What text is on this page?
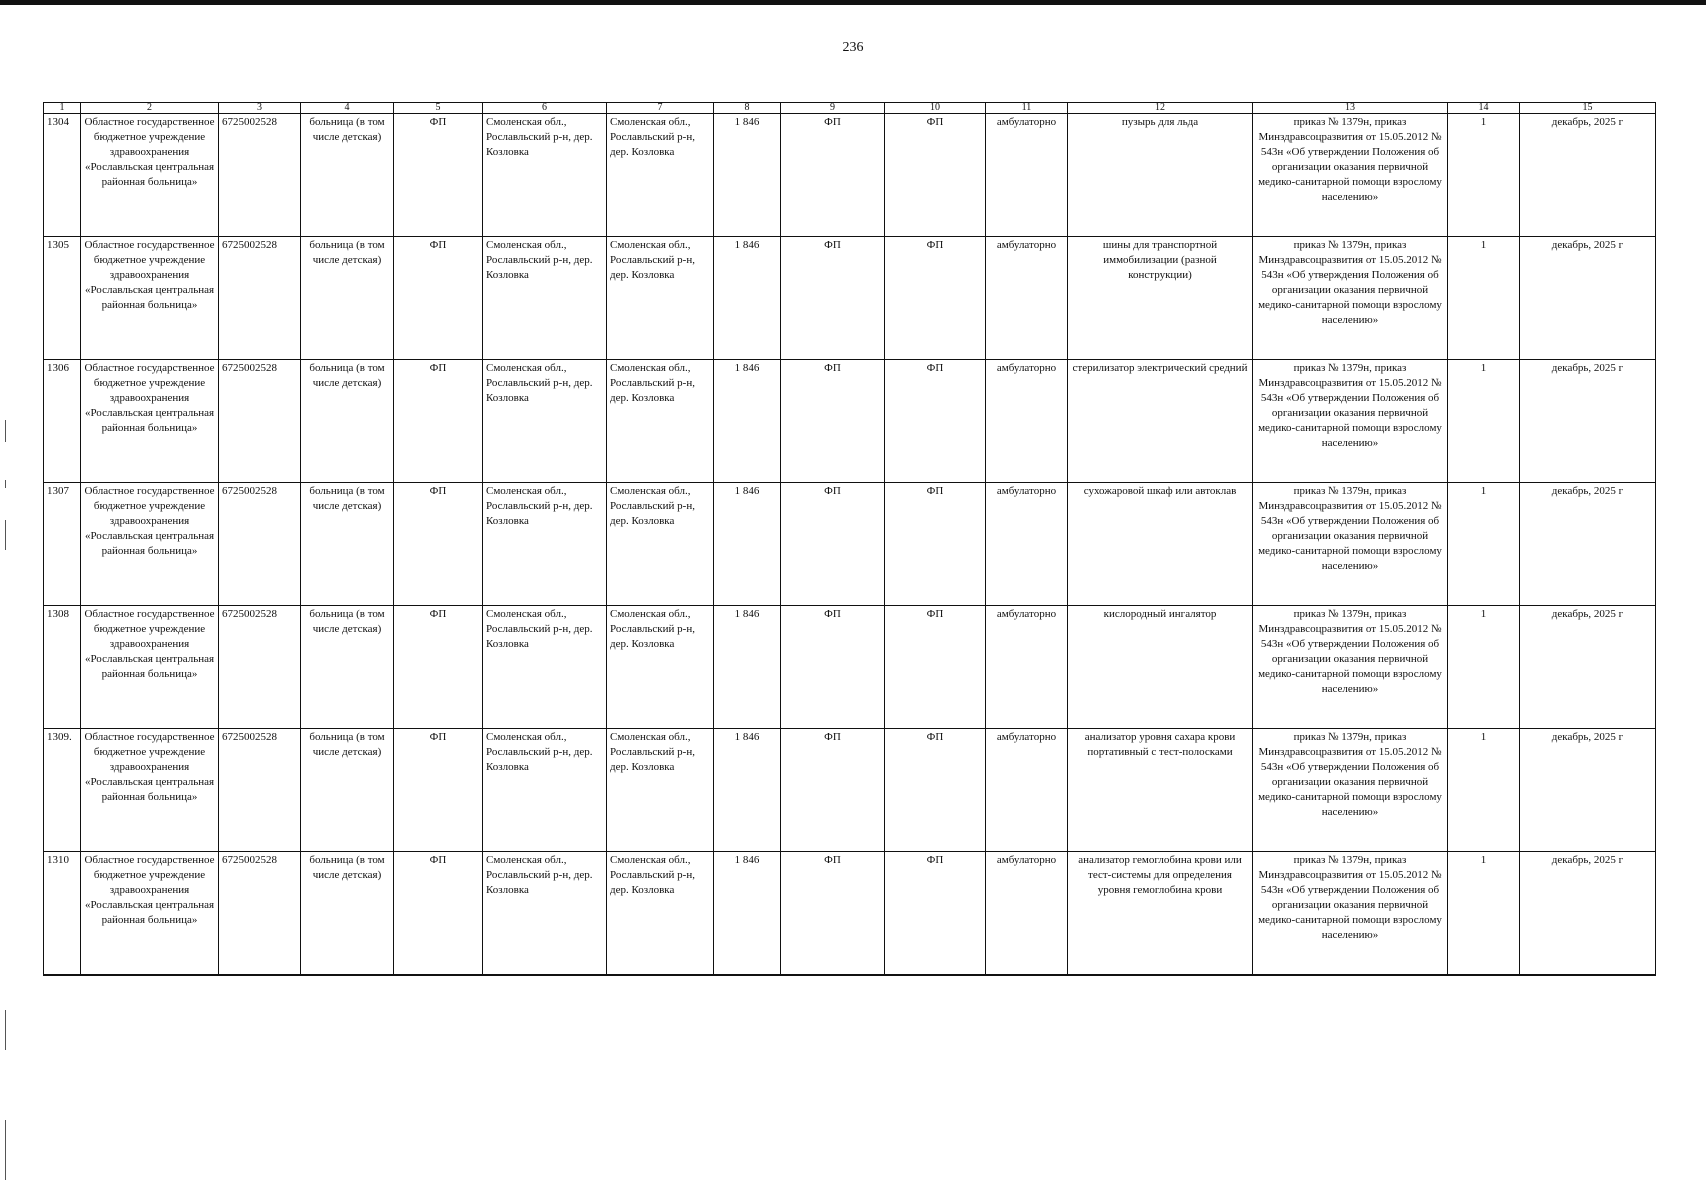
236
1	2	3	4	5	6	7	8	9	10	11	12	13	14	15
1304	Областное государственное бюджетное учреждение здравоохранения «Рославльская центральная районная больница»	6725002528	больница (в том числе детская)	ФП	Смоленская обл., Рославльский р-н, дер. Козловка	Смоленская обл., Рославльский р-н, дер. Козловка	1 846	ФП	ФП	амбулаторно	пузырь для льда	приказ № 1379н, приказ Минздравсоцразвития от 15.05.2012 № 543н «Об утверждении Положения об организации оказания первичной медико-санитарной помощи взрослому населению»	1	декабрь, 2025 г
1305	Областное государственное бюджетное учреждение здравоохранения «Рославльская центральная районная больница»	6725002528	больница (в том числе детская)	ФП	Смоленская обл., Рославльский р-н, дер. Козловка	Смоленская обл., Рославльский р-н, дер. Козловка	1 846	ФП	ФП	амбулаторно	шины для транспортной иммобилизации (разной конструкции)	приказ № 1379н, приказ Минздравсоцразвития от 15.05.2012 № 543н «Об утверждения Положения об организации оказания первичной медико-санитарной помощи взрослому населению»	1	декабрь, 2025 г
1306	Областное государственное бюджетное учреждение здравоохранения «Рославльская центральная районная больница»	6725002528	больница (в том числе детская)	ФП	Смоленская обл., Рославльский р-н, дер. Козловка	Смоленская обл., Рославльский р-н, дер. Козловка	1 846	ФП	ФП	амбулаторно	стерилизатор электрический средний	приказ № 1379н, приказ Минздравсоцразвития от 15.05.2012 № 543н «Об утверждении Положения об организации оказания первичной медико-санитарной помощи взрослому населению»	1	декабрь, 2025 г
1307	Областное государственное бюджетное учреждение здравоохранения «Рославльская центральная районная больница»	6725002528	больница (в том числе детская)	ФП	Смоленская обл., Рославльский р-н, дер. Козловка	Смоленская обл., Рославльский р-н, дер. Козловка	1 846	ФП	ФП	амбулаторно	сухожаровой шкаф или автоклав	приказ № 1379н, приказ Минздравсоцразвития от 15.05.2012 № 543н «Об утверждении Положения об организации оказания первичной медико-санитарной помощи взрослому населению»	1	декабрь, 2025 г
1308	Областное государственное бюджетное учреждение здравоохранения «Рославльская центральная районная больница»	6725002528	больница (в том числе детская)	ФП	Смоленская обл., Рославльский р-н, дер. Козловка	Смоленская обл., Рославльский р-н, дер. Козловка	1 846	ФП	ФП	амбулаторно	кислородный ингалятор	приказ № 1379н, приказ Минздравсоцразвития от 15.05.2012 № 543н «Об утверждении Положения об организации оказания первичной медико-санитарной помощи взрослому населению»	1	декабрь, 2025 г
1309.	Областное государственное бюджетное учреждение здравоохранения «Рославльская центральная районная больница»	6725002528	больница (в том числе детская)	ФП	Смоленская обл., Рославльский р-н, дер. Козловка	Смоленская обл., Рославльский р-н, дер. Козловка	1 846	ФП	ФП	амбулаторно	анализатор уровня сахара крови портативный с тест-полосками	приказ № 1379н, приказ Минздравсоцразвития от 15.05.2012 № 543н «Об утверждении Положения об организации оказания первичной медико-санитарной помощи взрослому населению»	1	декабрь, 2025 г
1310	Областное государственное бюджетное учреждение здравоохранения «Рославльская центральная районная больница»	6725002528	больница (в том числе детская)	ФП	Смоленская обл., Рославльский р-н, дер. Козловка	Смоленская обл., Рославльский р-н, дер. Козловка	1 846	ФП	ФП	амбулаторно	анализатор гемоглобина крови или тест-системы для определения уровня гемоглобина крови	приказ № 1379н, приказ Минздравсоцразвития от 15.05.2012 № 543н «Об утверждении Положения об организации оказания первичной медико-санитарной помощи взрослому населению»	1	декабрь, 2025 г
